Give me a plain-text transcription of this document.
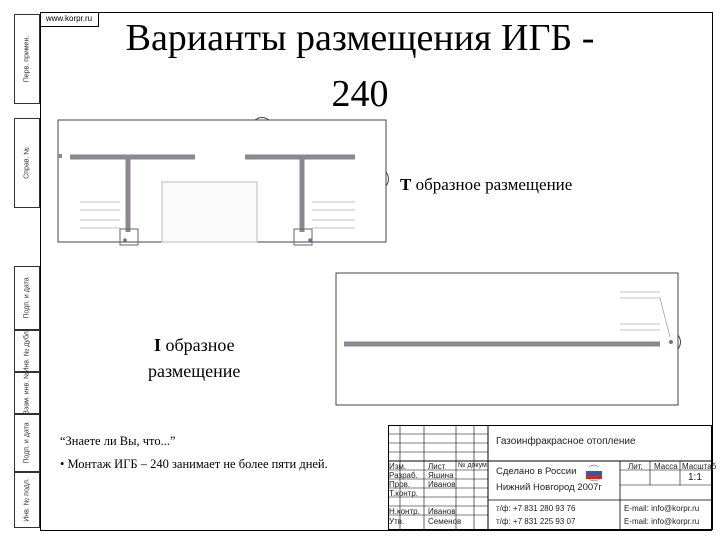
www.korpr.ru
Перв. примен.
Справ. №
Подп. и дата
Инв. № дубл.
Взам. инв. №
Подп. и дата
Инв. № подл.
Варианты размещения ИГБ -
240
Т образное размещение
I образное
размещение
“Знаете ли Вы, что...”
• Монтаж ИГБ – 240 занимает не более пяти дней.
Газоинфракрасное отопление
Сделано в России
Нижний Новгород 2007г
т/ф: +7 831 280 93 76
т/ф: +7 831 225 93 07
E-mail: info@korpr.ru
E-mail: info@korpr.ru
Лит. Масса Масштаб
1:1
Изм.	Лист № докум.
Разраб. Яшина
Пров. Иванов
Т.контр.
Н.контр. Иванов
Утв.	Семенов
